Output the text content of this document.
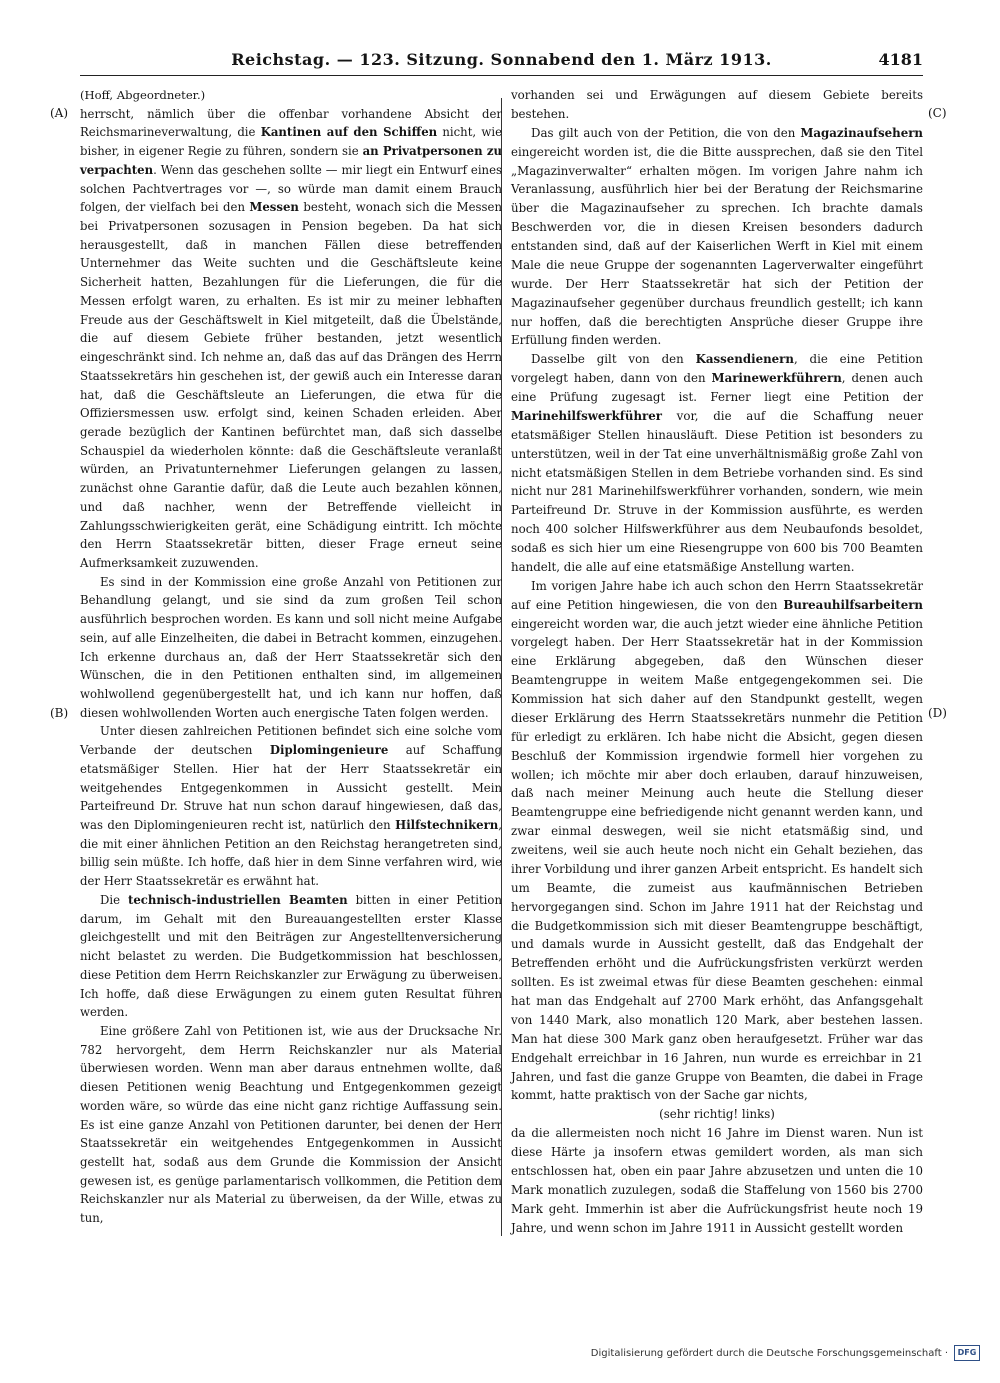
Reichstag. — 123. Sitzung. Sonnabend den 1. März 1913.	4181
(A)
(B)
(C)
(D)

(Hoff, Abgeordneter.)

herrscht, nämlich über die offenbar vorhandene Absicht der Reichsmarineverwaltung, die Kantinen auf den Schiffen nicht, wie bisher, in eigener Regie zu führen, sondern sie an Privatpersonen zu verpachten. Wenn das geschehen sollte — mir liegt ein Entwurf eines solchen Pachtvertrages vor —, so würde man damit einem Brauch folgen, der vielfach bei den Messen besteht, wonach sich die Messen bei Privatpersonen sozusagen in Pension begeben. Da hat sich herausgestellt, daß in manchen Fällen diese betreffenden Unternehmer das Weite suchten und die Geschäftsleute keine Sicherheit hatten, Bezahlungen für die Lieferungen, die für die Messen erfolgt waren, zu erhalten. Es ist mir zu meiner lebhaften Freude aus der Geschäftswelt in Kiel mitgeteilt, daß die Übelstände, die auf diesem Gebiete früher bestanden, jetzt wesentlich eingeschränkt sind. Ich nehme an, daß das auf das Drängen des Herrn Staatssekretärs hin geschehen ist, der gewiß auch ein Interesse daran hat, daß die Geschäftsleute an Lieferungen, die etwa für die Offiziersmessen usw. erfolgt sind, keinen Schaden erleiden. Aber gerade bezüglich der Kantinen befürchtet man, daß sich dasselbe Schauspiel da wiederholen könnte: daß die Geschäftsleute veranlaßt würden, an Privatunternehmer Lieferungen gelangen zu lassen, zunächst ohne Garantie dafür, daß die Leute auch bezahlen können, und daß nachher, wenn der Betreffende vielleicht in Zahlungsschwierigkeiten gerät, eine Schädigung eintritt. Ich möchte den Herrn Staatssekretär bitten, dieser Frage erneut seine Aufmerksamkeit zuzuwenden.

Es sind in der Kommission eine große Anzahl von Petitionen zur Behandlung gelangt, und sie sind da zum großen Teil schon ausführlich besprochen worden. Es kann und soll nicht meine Aufgabe sein, auf alle Einzelheiten, die dabei in Betracht kommen, einzugehen. Ich erkenne durchaus an, daß der Herr Staatssekretär sich den Wünschen, die in den Petitionen enthalten sind, im allgemeinen wohlwollend gegenübergestellt hat, und ich kann nur hoffen, daß diesen wohlwollenden Worten auch energische Taten folgen werden.

Unter diesen zahlreichen Petitionen befindet sich eine solche vom Verbande der deutschen Diplomingenieure auf Schaffung etatsmäßiger Stellen. Hier hat der Herr Staatssekretär ein weitgehendes Entgegenkommen in Aussicht gestellt. Mein Parteifreund Dr. Struve hat nun schon darauf hingewiesen, daß das, was den Diplomingenieuren recht ist, natürlich den Hilfstechnikern, die mit einer ähnlichen Petition an den Reichstag herangetreten sind, billig sein müßte. Ich hoffe, daß hier in dem Sinne verfahren wird, wie der Herr Staatssekretär es erwähnt hat.

Die technisch-industriellen Beamten bitten in einer Petition darum, im Gehalt mit den Bureauangestellten erster Klasse gleichgestellt und mit den Beiträgen zur Angestelltenversicherung nicht belastet zu werden. Die Budgetkommission hat beschlossen, diese Petition dem Herrn Reichskanzler zur Erwägung zu überweisen. Ich hoffe, daß diese Erwägungen zu einem guten Resultat führen werden.

Eine größere Zahl von Petitionen ist, wie aus der Drucksache Nr. 782 hervorgeht, dem Herrn Reichskanzler nur als Material überwiesen worden. Wenn man aber daraus entnehmen wollte, daß diesen Petitionen wenig Beachtung und Entgegenkommen gezeigt worden wäre, so würde das eine nicht ganz richtige Auffassung sein. Es ist eine ganze Anzahl von Petitionen darunter, bei denen der Herr Staatssekretär ein weitgehendes Entgegenkommen in Aussicht gestellt hat, sodaß aus dem Grunde die Kommission der Ansicht gewesen ist, es genüge parlamentarisch vollkommen, die Petition dem Reichskanzler nur als Material zu überweisen, da der Wille, etwas zu tun,

vorhanden sei und Erwägungen auf diesem Gebiete bereits bestehen.

Das gilt auch von der Petition, die von den Magazinaufsehern eingereicht worden ist, die die Bitte aussprechen, daß sie den Titel „Magazinverwalter“ erhalten mögen. Im vorigen Jahre nahm ich Veranlassung, ausführlich hier bei der Beratung der Reichsmarine über die Magazinaufseher zu sprechen. Ich brachte damals Beschwerden vor, die in diesen Kreisen besonders dadurch entstanden sind, daß auf der Kaiserlichen Werft in Kiel mit einem Male die neue Gruppe der sogenannten Lagerverwalter eingeführt wurde. Der Herr Staatssekretär hat sich der Petition der Magazinaufseher gegenüber durchaus freundlich gestellt; ich kann nur hoffen, daß die berechtigten Ansprüche dieser Gruppe ihre Erfüllung finden werden.

Dasselbe gilt von den Kassendienern, die eine Petition vorgelegt haben, dann von den Marinewerkführern, denen auch eine Prüfung zugesagt ist. Ferner liegt eine Petition der Marinehilfswerkführer vor, die auf die Schaffung neuer etatsmäßiger Stellen hinausläuft. Diese Petition ist besonders zu unterstützen, weil in der Tat eine unverhältnismäßig große Zahl von nicht etatsmäßigen Stellen in dem Betriebe vorhanden sind. Es sind nicht nur 281 Marinehilfswerkführer vorhanden, sondern, wie mein Parteifreund Dr. Struve in der Kommission ausführte, es werden noch 400 solcher Hilfswerkführer aus dem Neubaufonds besoldet, sodaß es sich hier um eine Riesengruppe von 600 bis 700 Beamten handelt, die alle auf eine etatsmäßige Anstellung warten.

Im vorigen Jahre habe ich auch schon den Herrn Staatssekretär auf eine Petition hingewiesen, die von den Bureauhilfsarbeitern eingereicht worden war, die auch jetzt wieder eine ähnliche Petition vorgelegt haben. Der Herr Staatssekretär hat in der Kommission eine Erklärung abgegeben, daß den Wünschen dieser Beamtengruppe in weitem Maße entgegengekommen sei. Die Kommission hat sich daher auf den Standpunkt gestellt, wegen dieser Erklärung des Herrn Staatssekretärs nunmehr die Petition für erledigt zu erklären. Ich habe nicht die Absicht, gegen diesen Beschluß der Kommission irgendwie formell hier vorgehen zu wollen; ich möchte mir aber doch erlauben, darauf hinzuweisen, daß nach meiner Meinung auch heute die Stellung dieser Beamtengruppe eine befriedigende nicht genannt werden kann, und zwar einmal deswegen, weil sie nicht etatsmäßig sind, und zweitens, weil sie auch heute noch nicht ein Gehalt beziehen, das ihrer Vorbildung und ihrer ganzen Arbeit entspricht. Es handelt sich um Beamte, die zumeist aus kaufmännischen Betrieben hervorgegangen sind. Schon im Jahre 1911 hat der Reichstag und die Budgetkommission sich mit dieser Beamtengruppe beschäftigt, und damals wurde in Aussicht gestellt, daß das Endgehalt der Betreffenden erhöht und die Aufrückungsfristen verkürzt werden sollten. Es ist zweimal etwas für diese Beamten geschehen: einmal hat man das Endgehalt auf 2700 Mark erhöht, das Anfangsgehalt von 1440 Mark, also monatlich 120 Mark, aber bestehen lassen. Man hat diese 300 Mark ganz oben heraufgesetzt. Früher war das Endgehalt erreichbar in 16 Jahren, nun wurde es erreichbar in 21 Jahren, und fast die ganze Gruppe von Beamten, die dabei in Frage kommt, hatte praktisch von der Sache gar nichts,

(sehr richtig! links)

da die allermeisten noch nicht 16 Jahre im Dienst waren. Nun ist diese Härte ja insofern etwas gemildert worden, als man sich entschlossen hat, oben ein paar Jahre abzusetzen und unten die 10 Mark monatlich zuzulegen, sodaß die Staffelung von 1560 bis 2700 Mark geht. Immerhin ist aber die Aufrückungsfrist heute noch 19 Jahre, und wenn schon im Jahre 1911 in Aussicht gestellt worden

Digitalisierung gefördert durch die Deutsche Forschungsgemeinschaft ·	DFG
